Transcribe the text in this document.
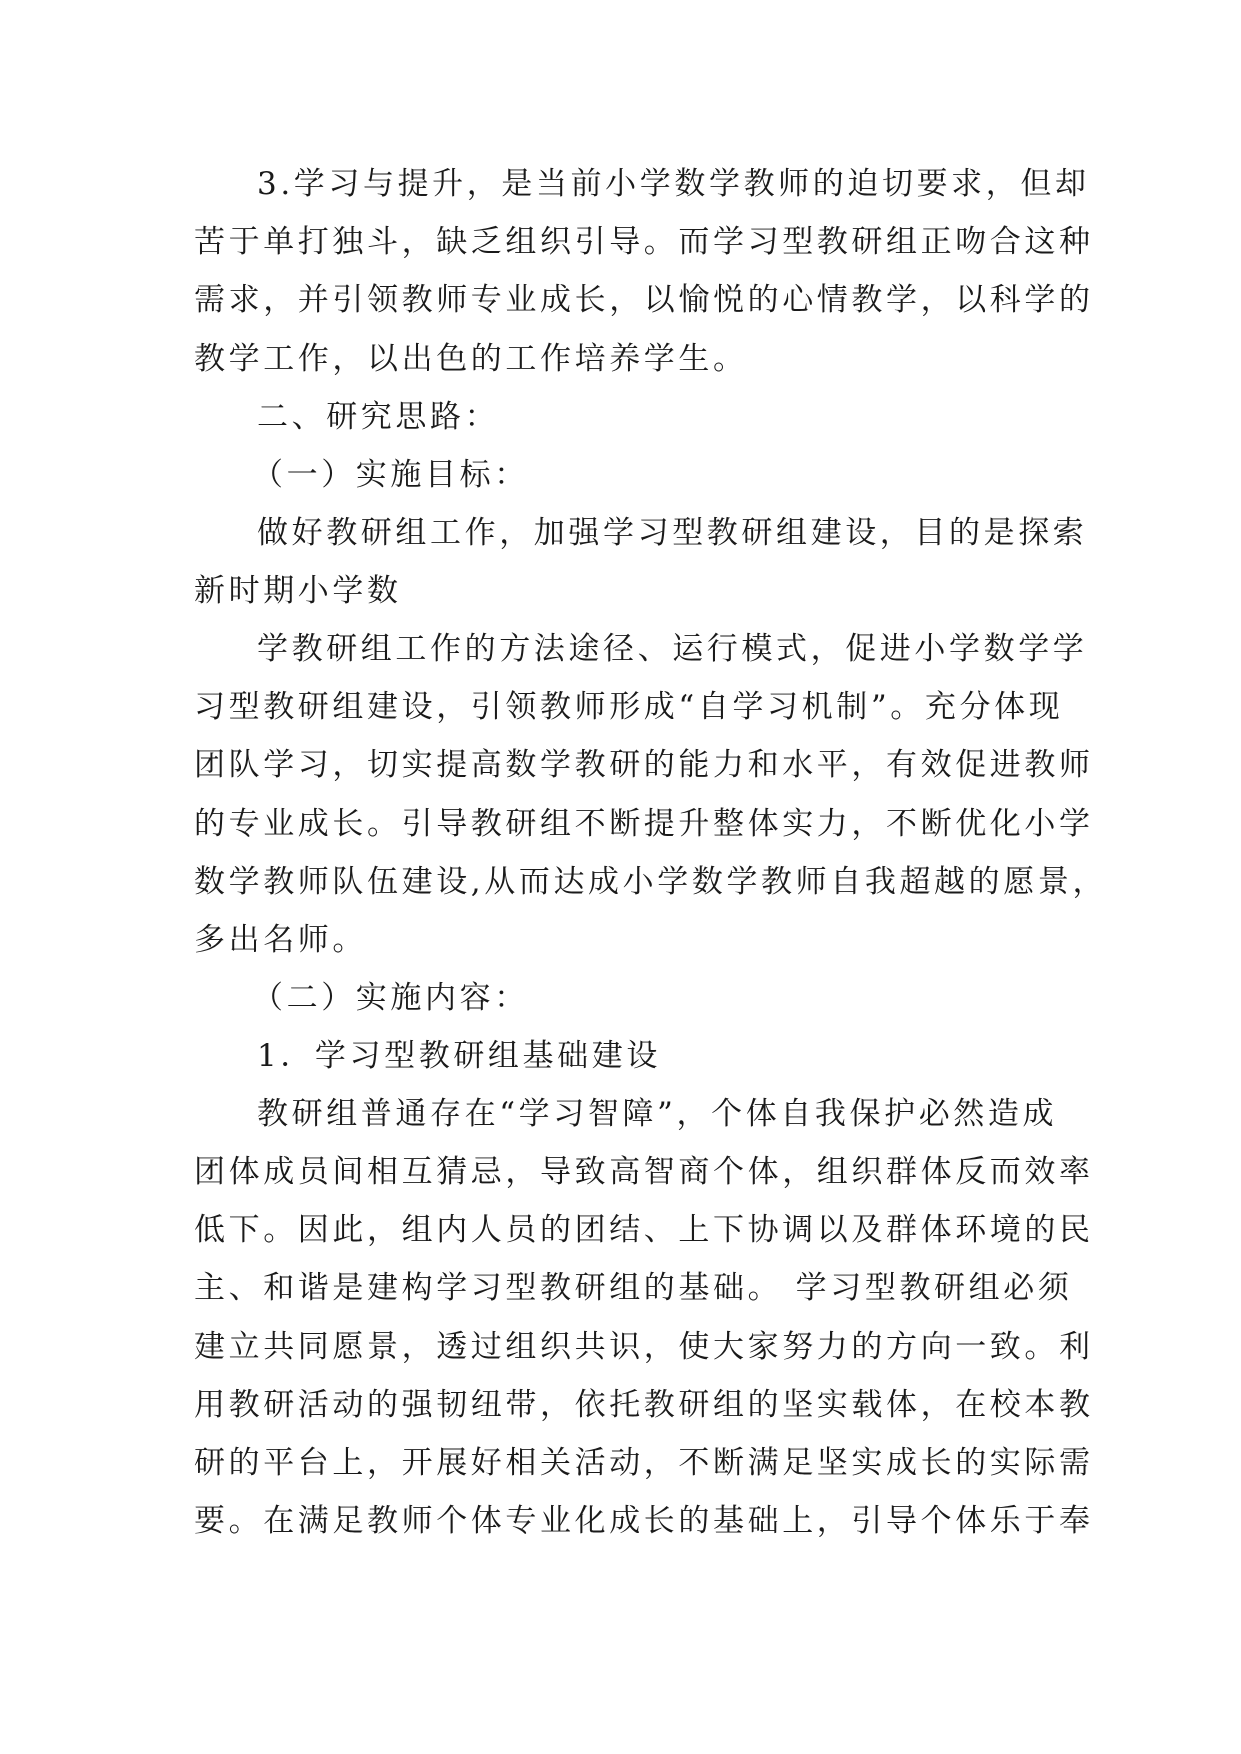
3.学习与提升，是当前小学数学教师的迫切要求，但却
苦于单打独斗，缺乏组织引导。而学习型教研组正吻合这种
需求，并引领教师专业成长，以愉悦的心情教学，以科学的
教学工作，以出色的工作培养学生。
二、研究思路：
（一）实施目标：
做好教研组工作，加强学习型教研组建设，目的是探索
新时期小学数
学教研组工作的方法途径、运行模式，促进小学数学学
习型教研组建设，引领教师形成“自学习机制”。充分体现
团队学习，切实提高数学教研的能力和水平，有效促进教师
的专业成长。引导教研组不断提升整体实力，不断优化小学
数学教师队伍建设,从而达成小学数学教师自我超越的愿景，
多出名师。
（二）实施内容：
1．学习型教研组基础建设
教研组普通存在“学习智障”，个体自我保护必然造成
团体成员间相互猜忌，导致高智商个体，组织群体反而效率
低下。因此，组内人员的团结、上下协调以及群体环境的民
主、和谐是建构学习型教研组的基础。 学习型教研组必须
建立共同愿景，透过组织共识，使大家努力的方向一致。利
用教研活动的强韧纽带，依托教研组的坚实载体，在校本教
研的平台上，开展好相关活动，不断满足坚实成长的实际需
要。在满足教师个体专业化成长的基础上，引导个体乐于奉
